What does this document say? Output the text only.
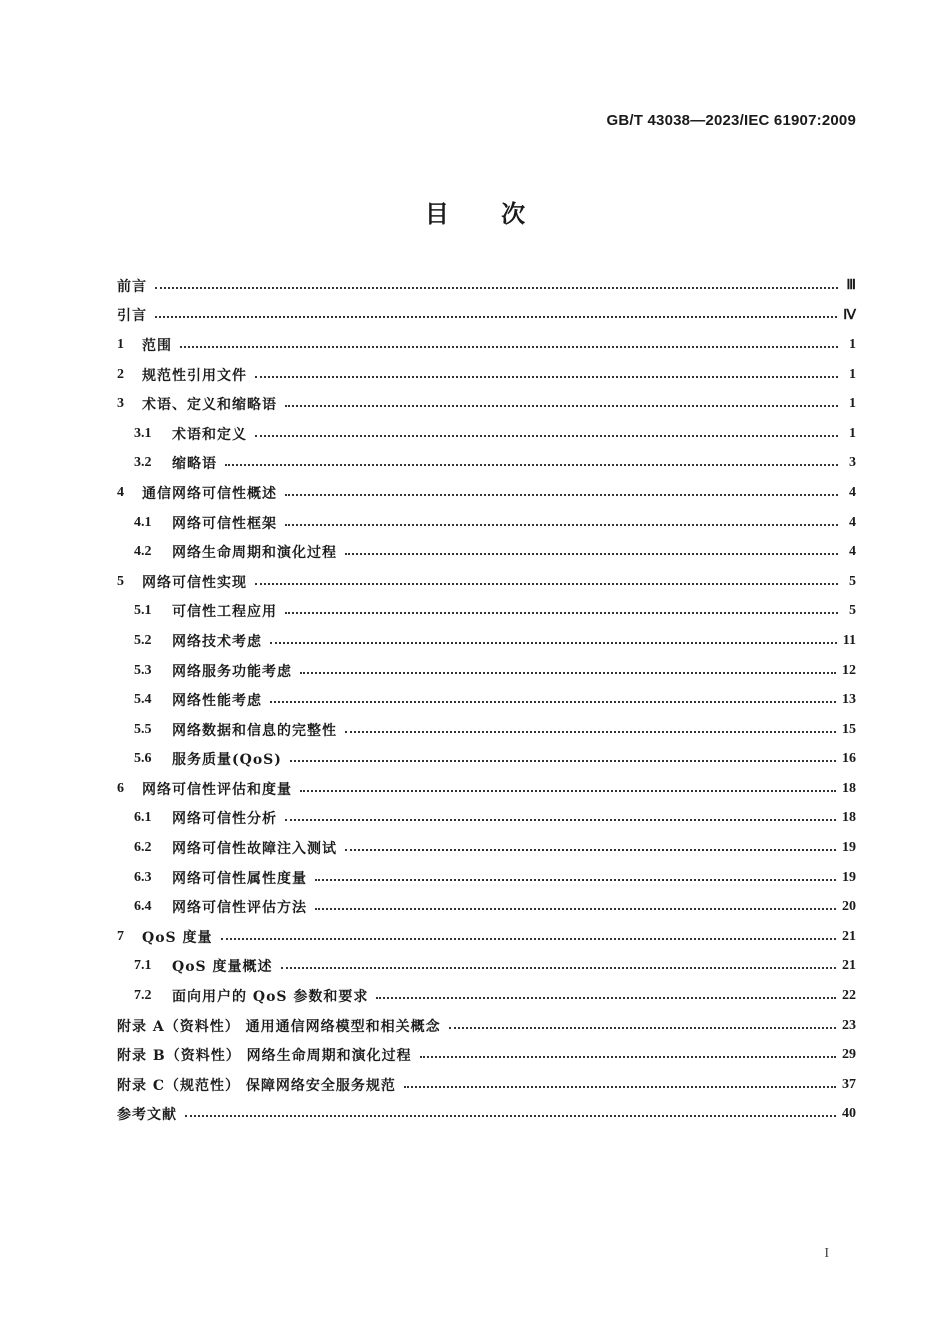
GB/T 43038—2023/IEC 61907:2009
目 次
前言	Ⅲ
引言	Ⅳ
1	范围	1
2	规范性引用文件	1
3	术语、定义和缩略语	1
3.1	术语和定义	1
3.2	缩略语	3
4	通信网络可信性概述	4
4.1	网络可信性框架	4
4.2	网络生命周期和演化过程	4
5	网络可信性实现	5
5.1	可信性工程应用	5
5.2	网络技术考虑	11
5.3	网络服务功能考虑	12
5.4	网络性能考虑	13
5.5	网络数据和信息的完整性	15
5.6	服务质量(QoS)	16
6	网络可信性评估和度量	18
6.1	网络可信性分析	18
6.2	网络可信性故障注入测试	19
6.3	网络可信性属性度量	19
6.4	网络可信性评估方法	20
7	QoS 度量	21
7.1	QoS 度量概述	21
7.2	面向用户的 QoS 参数和要求	22
附录 A（资料性） 通用通信网络模型和相关概念	23
附录 B（资料性） 网络生命周期和演化过程	29
附录 C（规范性） 保障网络安全服务规范	37
参考文献	40
I
